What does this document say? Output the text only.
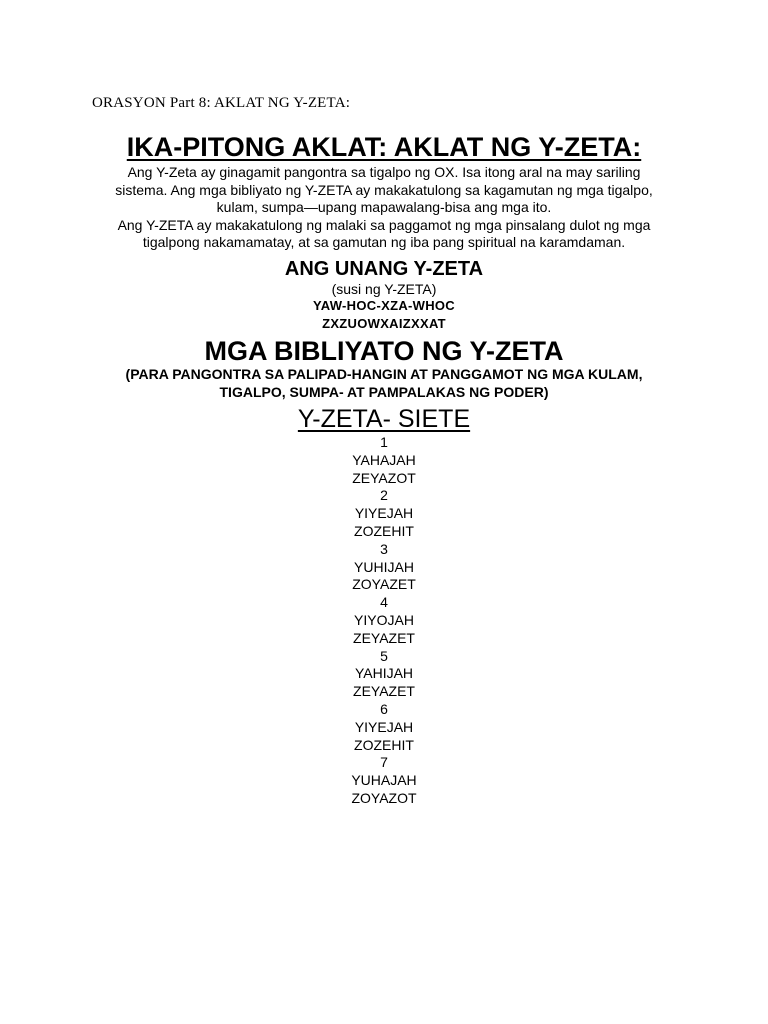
ORASYON Part 8: AKLAT NG Y-ZETA:
IKA-PITONG AKLAT: AKLAT NG Y-ZETA:

Ang Y-Zeta ay ginagamit pangontra sa tigalpo ng OX. Isa itong aral na may sariling

sistema. Ang mga bibliyato ng Y-ZETA ay makakatulong sa kagamutan ng mga tigalpo,

kulam, sumpa—upang mapawalang-bisa ang mga ito.

Ang Y-ZETA ay makakatulong ng malaki sa paggamot ng mga pinsalang dulot ng mga

tigalpong nakamamatay, at sa gamutan ng iba pang spiritual na karamdaman.

ANG UNANG Y-ZETA
(susi ng Y-ZETA)
YAW-HOC-XZA-WHOC
ZXZUOWXAIZXXAT
MGA BIBLIYATO NG Y-ZETA

(PARA PANGONTRA SA PALIPAD-HANGIN AT PANGGAMOT NG MGA KULAM,

TIGALPO, SUMPA- AT PAMPALAKAS NG PODER)

Y-ZETA- SIETE
1
YAHAJAH
ZEYAZOT
2
YIYEJAH
ZOZEHIT
3
YUHIJAH
ZOYAZET
4
YIYOJAH
ZEYAZET
5
YAHIJAH
ZEYAZET
6
YIYEJAH
ZOZEHIT
7
YUHAJAH
ZOYAZOT
